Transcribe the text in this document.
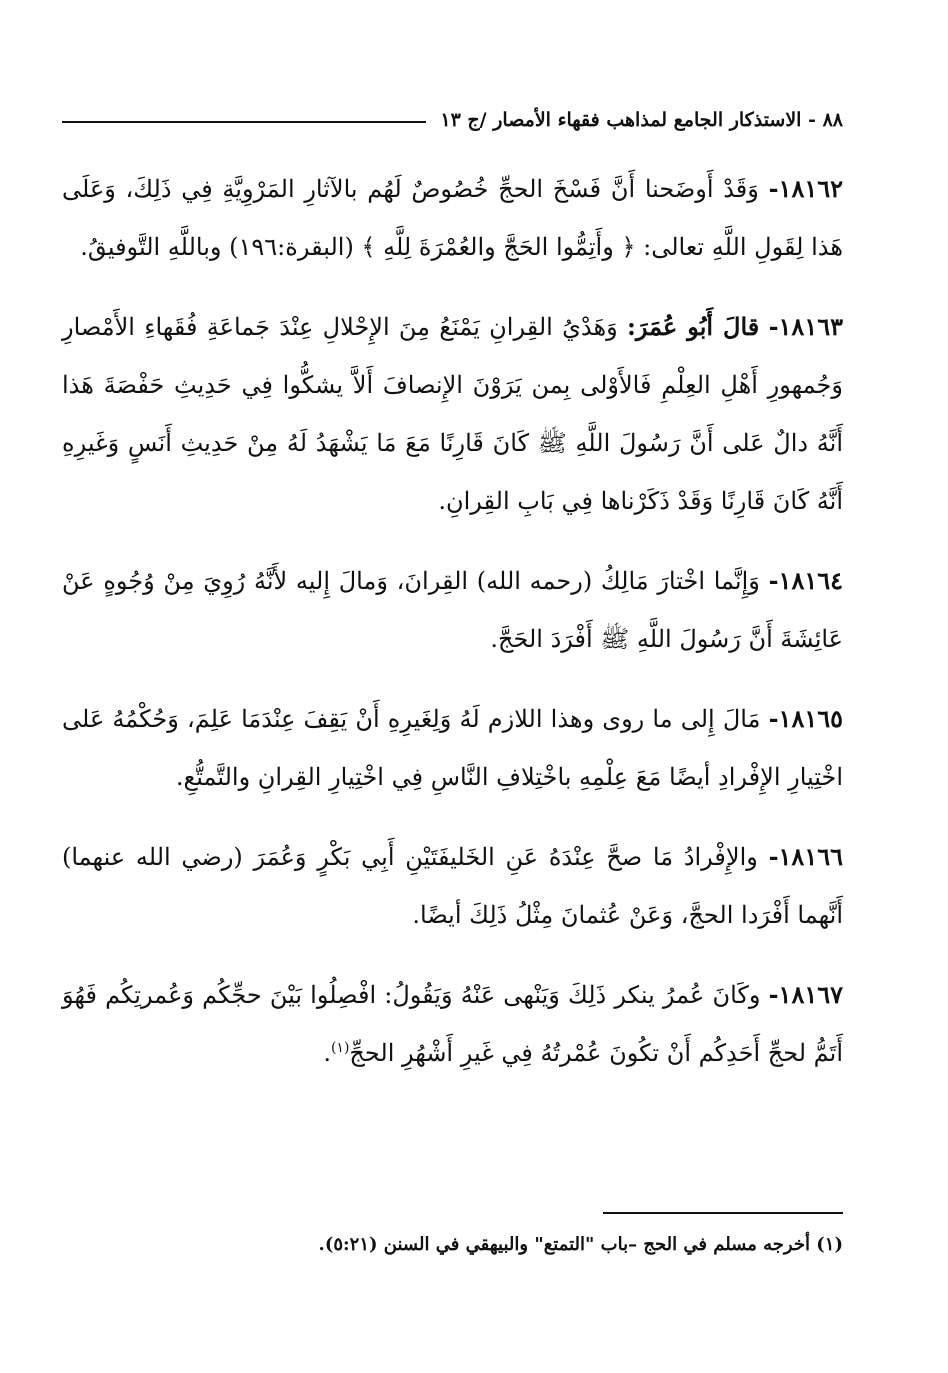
٨٨ - الاستذكار الجامع لمذاهب فقهاء الأمصار /ج ١٣

١٨١٦٢- وَقَدْ أَوضَحنا أَنَّ فَسْخَ الحجِّ خُصُوصٌ لَهُم بالآثارِ المَرْوِيَّةِ فِي ذَلِكَ، وَعَلَى هَذا لِقَولِ اللَّهِ تعالى: ﴿ وأَتِمُّوا الحَجَّ والعُمْرَةَ لِلَّهِ ﴾ (البقرة:١٩٦) وباللَّهِ التَّوفيقُ.

١٨١٦٣- قالَ أَبُو عُمَرَ: وَهَدْيُ القِرانِ يَمْنَعُ مِنَ الإِحْلالِ عِنْدَ جَماعَةِ فُقَهاءِ الأَمْصارِ وَجُمهورِ أَهْلِ العِلْمِ فَالأَوْلى بِمن يَرَوْنَ الإِنصافَ أَلاَّ يشكُّوا فِي حَدِيثِ حَفْصَةَ هَذا أَنَّهُ دالٌ عَلى أَنَّ رَسُولَ اللَّهِ ﷺ كَانَ قَارِنًا مَعَ مَا يَشْهَدُ لَهُ مِنْ حَدِيثِ أَنَسٍ وَغَيرِهِ أَنَّهُ كَانَ قَارِنًا وَقَدْ ذَكَرْناها فِي بَابِ القِرانِ.

١٨١٦٤- وَإِنَّما اخْتارَ مَالِكُ (رحمه الله) القِرانَ، وَمالَ إِليه لأَنَّهُ رُوِيَ مِنْ وُجُوهٍ عَنْ عَائِشَةَ أَنَّ رَسُولَ اللَّهِ ﷺ أَفْرَدَ الحَجَّ.

١٨١٦٥- مَالَ إِلى ما روى وهذا اللازم لَهُ وَلِغَيرِهِ أَنْ يَقِفَ عِنْدَمَا عَلِمَ، وَحُكْمُهُ عَلى اخْتِيارِ الإِفْرادِ أيضًا مَعَ عِلْمِهِ باخْتِلافِ النَّاسِ فِي اخْتِيارِ القِرانِ والتَّمتُّعِ.

١٨١٦٦- والإِفْرادُ مَا صحَّ عِنْدَهُ عَنِ الخَليفَتَيْنِ أَبِي بَكْرٍ وَعُمَرَ (رضي الله عنهما) أَنَّهما أَفْرَدا الحجَّ، وَعَنْ عُثمانَ مِثْلُ ذَلِكَ أيضًا.

١٨١٦٧- وكَانَ عُمرُ ينكر ذَلِكَ وَيَنْهى عَنْهُ وَيَقُولُ: افْصِلُوا بَيْنَ حجِّكُم وَعُمرتِكُم فَهُوَ أَتَمُّ لحجِّ أَحَدِكُم أَنْ تكُونَ عُمْرتُهُ فِي غَيرِ أَشْهُرِ الحجِّ$^{(١)}$.

(١) أخرجه مسلم في الحج –باب "التمتع" والبيهقي في السنن (٥:٢١).
